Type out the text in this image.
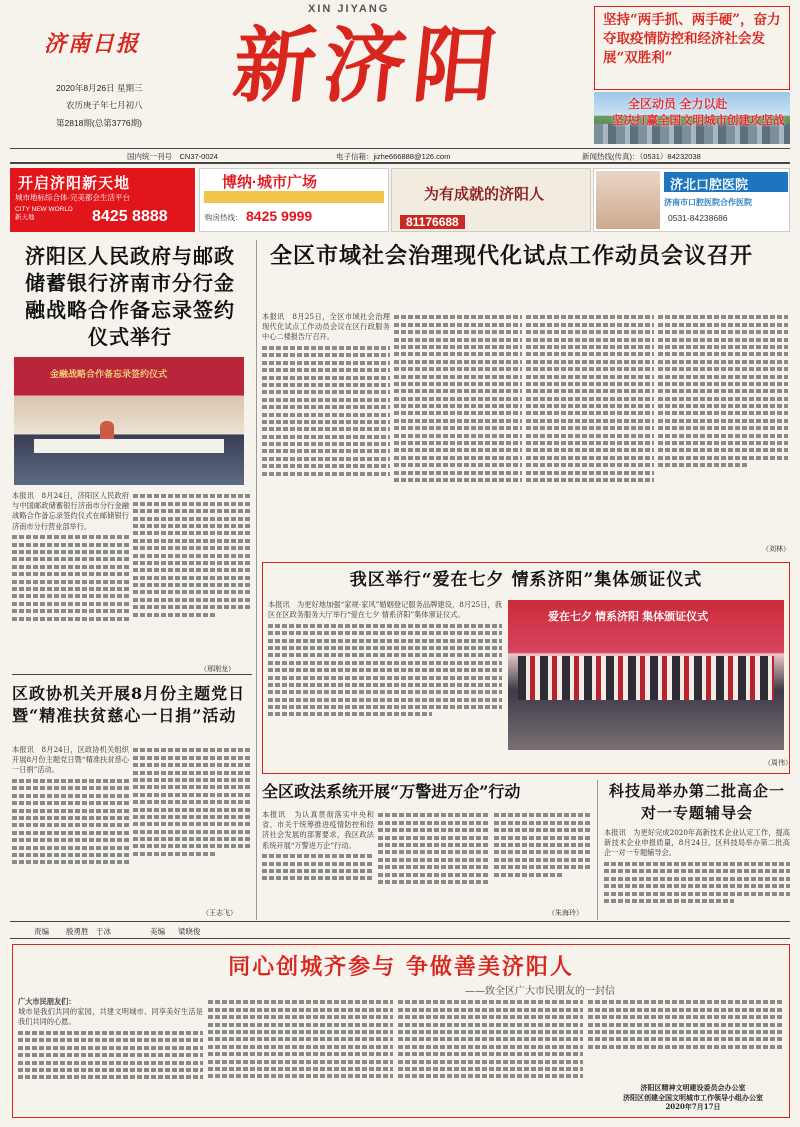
济南日报
2020年8月26日 星期三
农历庚子年七月初八
第2818期(总第3776期)
XIN JIYANG
新济阳	坚持“两手抓、两手硬”，奋力夺取疫情防控和经济社会发展“双胜利”
全区动员 全力以赴
坚决打赢全国文明城市创建攻坚战
国内统一刊号　CN37-0024	电子信箱：jizhe666888@126.com	新闻热线(传真)：（0531）84232038
开启济阳新天地
城市地标综合体·完美都会生活平台
CITY NEW WORLD 新天地	8425 8888
博纳·城市广场
购房热线： 8425 9999
为有成就的济阳人
81176688
济北口腔医院
济南市口腔医院合作医院
0531-84238686
济阳区人民政府与邮政储蓄银行济南市分行金融战略合作备忘录签约仪式举行
金融战略合作备忘录签约仪式
本报讯　8月24日，济阳区人民政府与中国邮政储蓄银行济南市分行金融战略合作备忘录签约仪式在邮储银行济南市分行营业部举行。
（邢刚龙）
区政协机关开展8月份主题党日暨“精准扶贫慈心一日捐”活动
本报讯　8月24日，区政协机关组织开展8月份主题党日暨“精准扶贫慈心一日捐”活动。
（王志飞）
全区市域社会治理现代化试点工作动员会议召开
本报讯　8月25日，全区市域社会治理现代化试点工作动员会议在区行政服务中心二楼报告厅召开。
（刘林）
我区举行“爱在七夕 情系济阳”集体颁证仪式
本报讯　为更好地加强“家规·家风”婚姻登记服务品牌建设，8月25日，我区在区政务服务大厅举行“爱在七夕 情系济阳”集体颁证仪式。
（周伟）
爱在七夕 情系济阳 集体颁证仪式
全区政法系统开展“万警进万企”行动
本报讯　为认真贯彻落实中央和省、市关于统筹推进疫情防控和经济社会发展的部署要求，我区政法系统开展“万警进万企”行动。
（朱海玲）
科技局举办第二批高企一对一专题辅导会
本报讯　为更好完成2020年高新技术企业认定工作，提高新技术企业申报质量，8月24日，区科技局举办第二批高企一对一专题辅导会。
责编 殷勇胜　于冰	美编 梁晓俊
同心创城齐参与 争做善美济阳人
——致全区广大市民朋友的一封信
广大市民朋友们：
城市是我们共同的家园，共建文明城市、同享美好生活是我们共同的心愿。
济阳区精神文明建设委员会办公室
济阳区创建全国文明城市工作领导小组办公室
2020年7月17日
